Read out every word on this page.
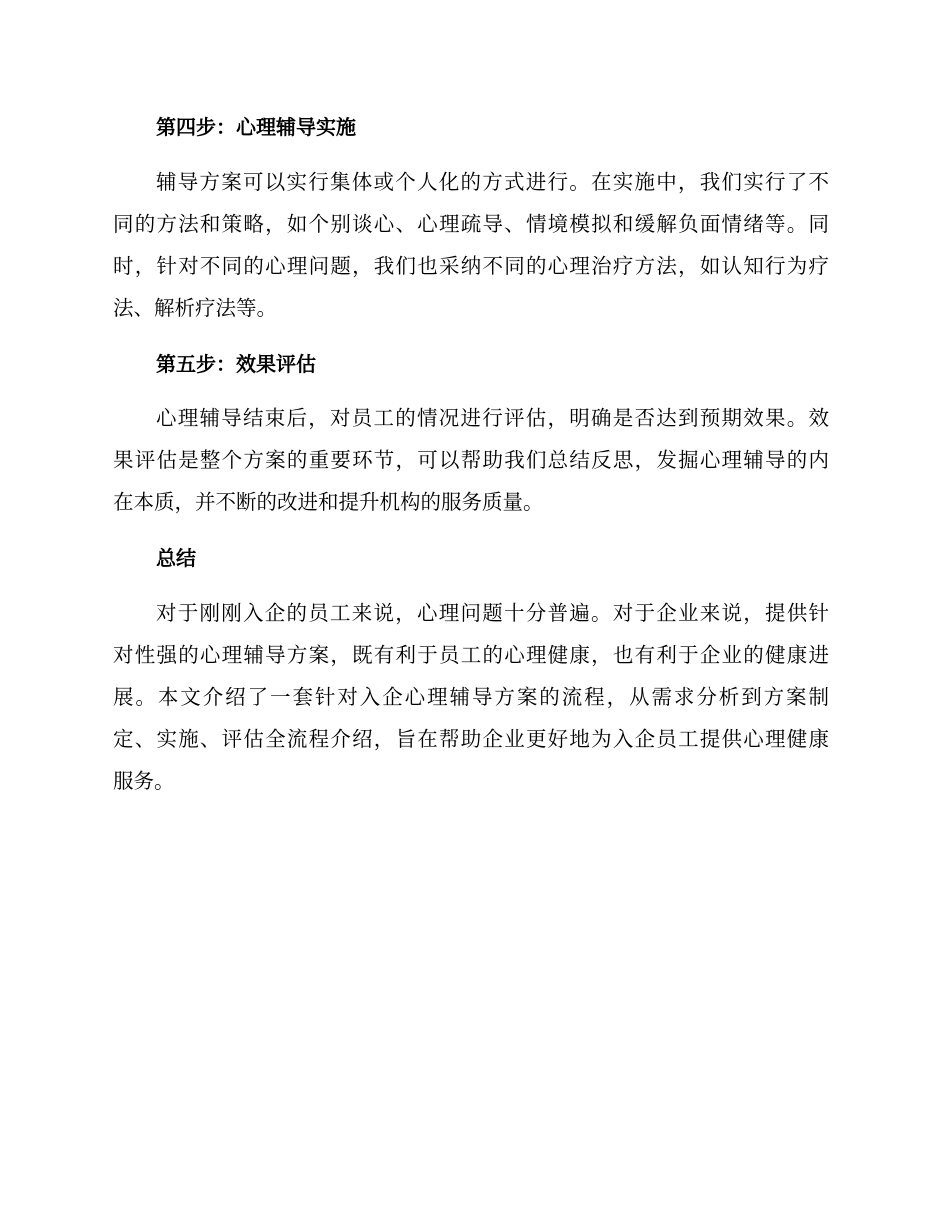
第四步：心理辅导实施
辅导方案可以实行集体或个人化的方式进行。在实施中，我们实行了不
同的方法和策略，如个别谈心、心理疏导、情境模拟和缓解负面情绪等。同
时，针对不同的心理问题，我们也采纳不同的心理治疗方法，如认知行为疗
法、解析疗法等。
第五步：效果评估
心理辅导结束后，对员工的情况进行评估，明确是否达到预期效果。效
果评估是整个方案的重要环节，可以帮助我们总结反思，发掘心理辅导的内
在本质，并不断的改进和提升机构的服务质量。
总结
对于刚刚入企的员工来说，心理问题十分普遍。对于企业来说，提供针
对性强的心理辅导方案，既有利于员工的心理健康，也有利于企业的健康进
展。本文介绍了一套针对入企心理辅导方案的流程，从需求分析到方案制
定、实施、评估全流程介绍，旨在帮助企业更好地为入企员工提供心理健康
服务。
